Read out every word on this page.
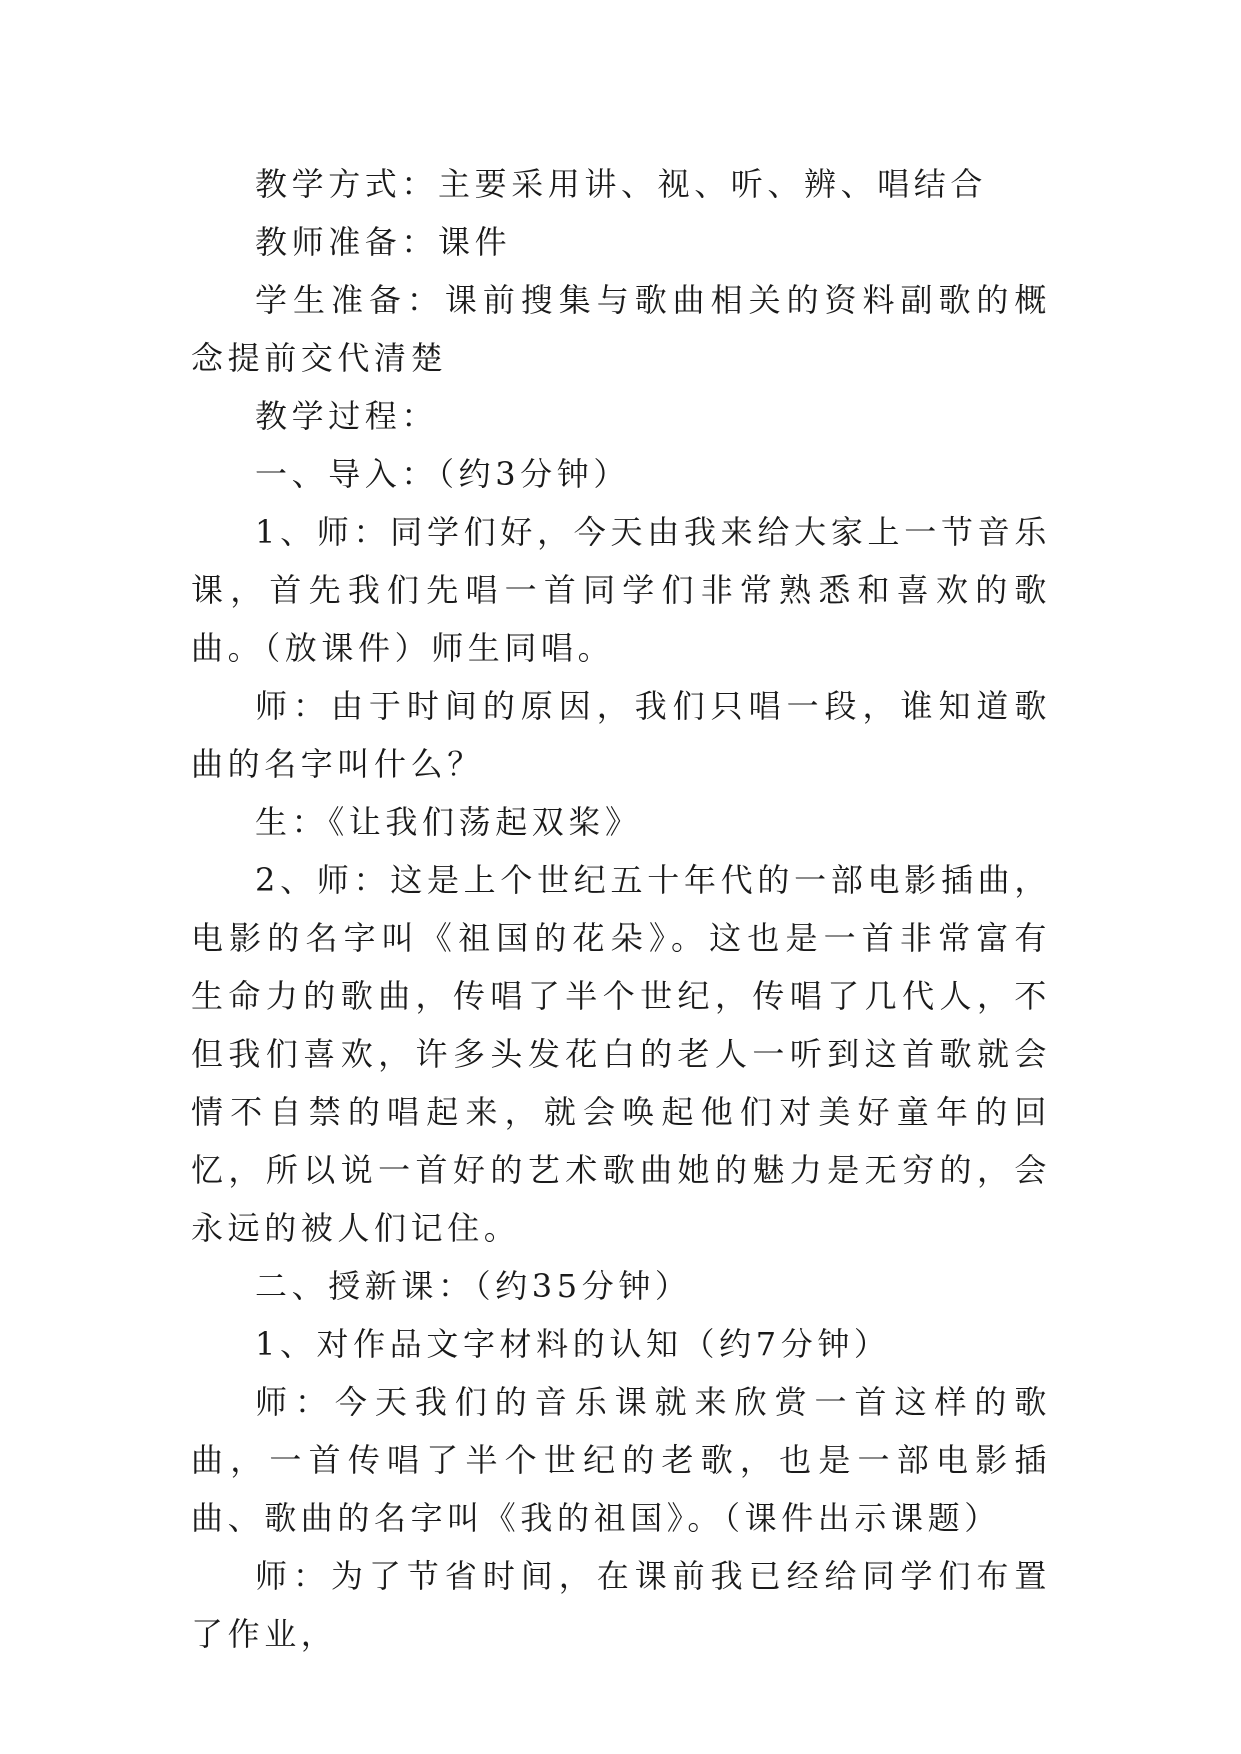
教学方式：主要采用讲、视、听、辨、唱结合

教师准备：课件

学生准备：课前搜集与歌曲相关的资料副歌的概念提前交代清楚

教学过程：

一、导入：（约3分钟）

1、师：同学们好，今天由我来给大家上一节音乐课，首先我们先唱一首同学们非常熟悉和喜欢的歌曲。（放课件）师生同唱。

师：由于时间的原因，我们只唱一段，谁知道歌曲的名字叫什么？

生：《让我们荡起双桨》

2、师：这是上个世纪五十年代的一部电影插曲，电影的名字叫《祖国的花朵》。这也是一首非常富有生命力的歌曲，传唱了半个世纪，传唱了几代人，不但我们喜欢，许多头发花白的老人一听到这首歌就会情不自禁的唱起来，就会唤起他们对美好童年的回忆，所以说一首好的艺术歌曲她的魅力是无穷的，会永远的被人们记住。

二、授新课：（约35分钟）

1、对作品文字材料的认知（约7分钟）

师：今天我们的音乐课就来欣赏一首这样的歌曲，一首传唱了半个世纪的老歌，也是一部电影插曲、歌曲的名字叫《我的祖国》。（课件出示课题）

师：为了节省时间，在课前我已经给同学们布置了作业，
